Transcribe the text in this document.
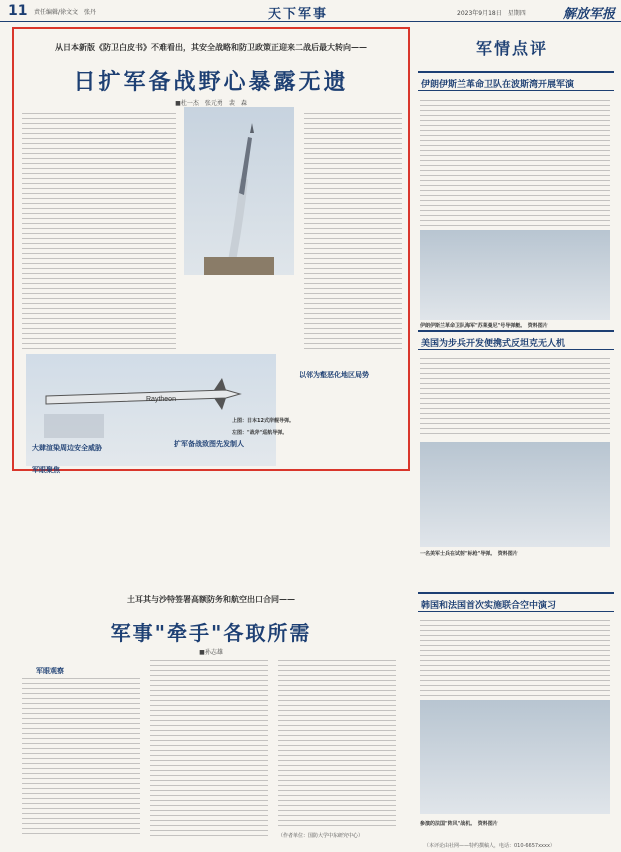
11 责任编辑/徐文文　张丹	天下军事	2023年9月18日　星期四	解放军报
从日本新版《防卫白皮书》不难看出，其安全战略和防卫政策正迎来二战后最大转向——
日扩军备战野心暴露无遗
■杜一杰　张元勇　裴　森
Raytheon
上图：日本12式岸舰导弹。
左图："战斧"巡航导弹。
军眼聚焦
以邻为壑恶化地区局势
扩军备战致图先发制人
大肆渲染周边安全威胁
军情点评
伊朗伊斯兰革命卫队在波斯湾开展军演
伊朗伊斯兰革命卫队海军"苏莱曼尼"号导弹艇。　资料图片
美国为步兵开发便携式反坦克无人机
一名美军士兵在试射"标枪"导弹。　资料图片
韩国和法国首次实施联合空中演习
参演的法国"阵风"战机。　资料图片
（本评论由社网——特约撰稿人，电话：010-6657xxxx）
土耳其与沙特签署高额防务和航空出口合同——
军事"牵手"各取所需
■孙志雄
军眼观察
（作者单位：国防大学中东研究中心）
